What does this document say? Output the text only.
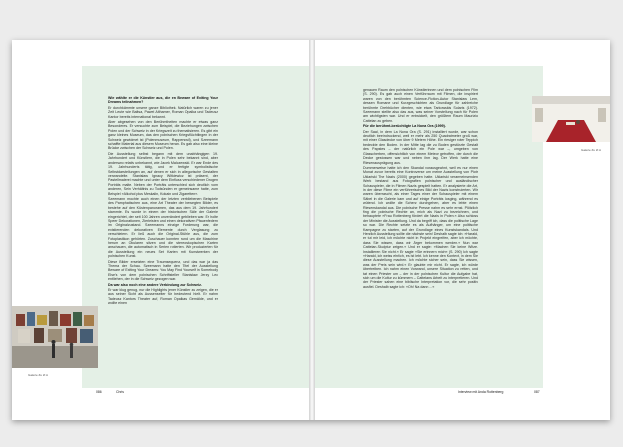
Galerie Zu Zi A
Galerie Zu Zi A
Wie wählte er die Künstler aus, die en Beware of Exiting Your Dreams teilnahmen?
Er durchkämmte unsere ganze Bibliothek. Natürlich waren zu jener Zeit Leute wie Baltsa, Pawel Althamer, Roman Opalka und Tadeusz Kantor bereits international bekannt.
Aber abgesehen von den Berühmtheiten machte er etwas ganz Besonderes. Er versuchte zum Beispiel, die Beziehungen zwischen Polen und der Schweiz in der Kriegszeit zu thematisieren. Es gibt ein ganz kleines Museum, das den polnischen Kriegsflüchtlingen in der Schweiz gewidmet ist (Polenmuseum, Rapperswil), und Szeemann schaffte Material aus diesem Museum heran. Es gab also eine kleine Brücke zwischen der Schweiz und Polen.
Die Ausstellung selbst begann mit dem unabhängigen 19. Jahrhundert und Künstlern, die in Polen sehr bekannt sind, aber anderswo relativ unbekannt, wie Jacek Malczewski. Er war Ende des 19. Jahrhunderts tätig, und er fertigte symbolistische Selbstdarstellungen an, auf denen er sich in allegorische Gestalten verwandelte. Stanisław Ignacy Witkiewicz ist präsent, der Pastellmalerei machte und unter dem Einfluss verschiedener Drogen Porträts malte. Neben der Porträts unterschied sich deutlich vom anderen, Sein Verhältnis zu Todsünden er gemeinsame hatte, zum Beispiel »Alkohol plus Meskalin, Kokain und Zigaretten«.
Szeemann mochte auch einen der letzten verbliebenen Beispiele des Pamphatischen aus, eine Art Theater der bewegten Bilder, es bestehe auf den Küstenpanoramen, das aus dem 19. Jahrhundert stammte. Es wurde in einem der historischen Säle der Galerie eingerichtet, der seit 100 Jahren unverändert geblieben war. Er holte Speer Dekorationen, Zierleisten und einen dekorativen Pfauenfedern im Originalzustand. Szeemanns einzige Forderung war, die existierenden dekorativen Elemente durch Verglasung zu verschleiern. Er ließ auch die Original-Stühle aus, die zum Fotoplastikon gehörten. Zuschauer konnten rund um die Maschine herum an Okularen sitzen und die stereoskopischen Karten anschauen, die automatisch in Serien rotierten. Wir produzierten für die Ausstellung ein neues Set Karten mit Kunstwerken der polnischen Kunst.
Diese Bilder ersetzten eine Traumsequenz, und das war ja das Thema der Schau. Szeemann hatte den Titel der Ausstellung Beware of Exiting Your Dreams: You May Find Yourself in Somebody Else's von dem polnischen Schriftsteller Stanisław Jerzy Lec entliehen, der in die Schweiz gezogen war.
Da war also noch eine andere Verbindung zur Schweiz.
Er war klug genug, nur die Highlights jener Künstler zu zeigen, die er aus seiner Sicht als Aussenseiter für bedeutend hielt. Er nahm Tadeusz Kantors Theater auf, Roman Opalkas Gemälde, und er wollte einen
genauen Raum den polnischen Künstlerinnen und dem polnischen Film (S. 290). Es gab auch einen Verführraum mit Filmen, die inspiriert waren von den berühmten Science-Fiction-Autor Stanisław Lem, dessen Romane und Kurzgeschichten als Grundlage für zahlreiche berühmte Drehbücher dienten, wie etwa Tarkowskis Solaris (1972). Szeemann stellte also das aus, was seiner Vorstellung nach für Polen am wichtigsten war. Und er entwickelt, den größtem Raum Maurizio Cattelan zu geben.
Für die berühmt-berüchtigte La Nona Ora (1999).
Der Saal, in dem La Nona Ora (S. 291) installiert wurde, war schon deutlich beeindruckend, weil er mehr als 250 Quadratmeter groß war, mit einer Glasdecke von über 9 Metern Höhe. Ein riesiger roter Teppich bedeckte den Boden. In der Mitte lag die zu Boden gestürzte Gestalt des Papstes – der natürlich ein Pole war –, umgeben von Glasscherben, offensichtlich von einem Meteor getroffen, der durch die Decke gestossen war und neben ihm lag. Der Werk hatte eine Riesenausprägung aus.
Dummerweise hatte ich den Skandal vorausgeahnt, weil es nur einen Monat zuvor bereits eine Kontroverse um meine Ausstellung von Piotr Uklański The Nazis (2000) gegeben hatte. Uklański verarmeinsenden Werk bestand aus Fotografien polnischer und ausländischer Schauspieler, die in Filmen Nazis gespielt hatten. Er analysierte die Art, in der diese Filme ein verführerisches Bild der Nazis konstruierten. Wir waren überrascht, als einer Tages einer der Schauspieler mit einem Säbel in die Galerie kam und auf einige Porträts losging, während es wütend. Ich wollte die Scherz durchgehen, aber es lebte einen Riesenskandal aus. Die polnische Presse nahm es sehr ernst. Plötzlich fing die polnische Rechte an, mich als Nazi zu bezeichnen, und behauptete »Frau Rottenberg fördert die Nazis in Polen.« Also schloss der Minister die Ausstellung. Und da begriff ich, dass die politische Lage so war. Die Rechte setzte es als Aufhänger, um eine politische Kampagne zu starten, auf der Grundlage eines Kunstskandals. Und Herzlich Ausstellung sollte die nächste sein! Deshalb sagte ich: »Harald, er tut mir leid, ich möchte nicht in Projekt eingreifen, aber ich möchte, dass Sie wissen, dass wir Ärger bekommen werden.« Nun war Cattelan-Skulptur zeigen.« Und er sagte: »Machen Sie keine Witze. Installieren Sie nicht.« Er sagte »Sie erinnern mich« (S. 290) Ich sagte »Harald, ich weiss ehrlich, es ist lebt. Ich kenne den Kontext, in dem Sie diese Ausstellung machen. Ich möchte sicher sein, dass Sie wissen, was der Preis sein wird.« Er glaubte mir nicht. Er sagte, ich würde übertreiben. Ich nahm einen Vorwand, unsere Situation zu retten, und tat einen Priester um – der in der polnischen Kultur die Aufgabe hat, sich um die Kultur zu kümmern – Cattelans Arbeit zu interpretieren. Und der Priester sahen eine biblische Interpretation vor, die sehr positiv ausfiel. Deshalb sagte ich: »Oh! Na dann ...«
086	Chris	Interview mit Anda Rottenberg	087
